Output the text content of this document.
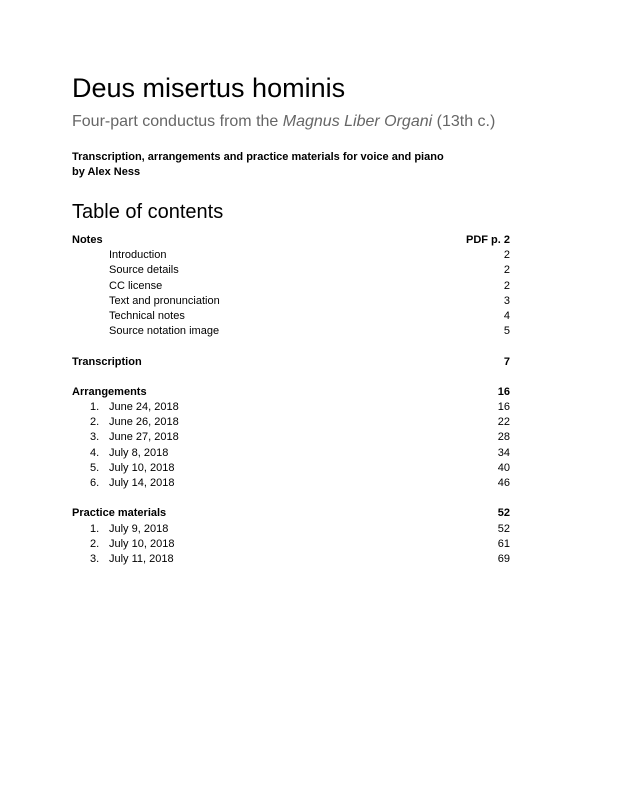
Deus misertus hominis
Four-part conductus from the Magnus Liber Organi (13th c.)
Transcription, arrangements and practice materials for voice and piano
by Alex Ness
Table of contents
Notes	PDF p. 2
Introduction	2
Source details	2
CC license	2
Text and pronunciation	3
Technical notes	4
Source notation image	5
Transcription	7
Arrangements	16
1. June 24, 2018	16
2. June 26, 2018	22
3. June 27, 2018	28
4. July 8, 2018	34
5. July 10, 2018	40
6. July 14, 2018	46
Practice materials	52
1. July 9, 2018	52
2. July 10, 2018	61
3. July 11, 2018	69
